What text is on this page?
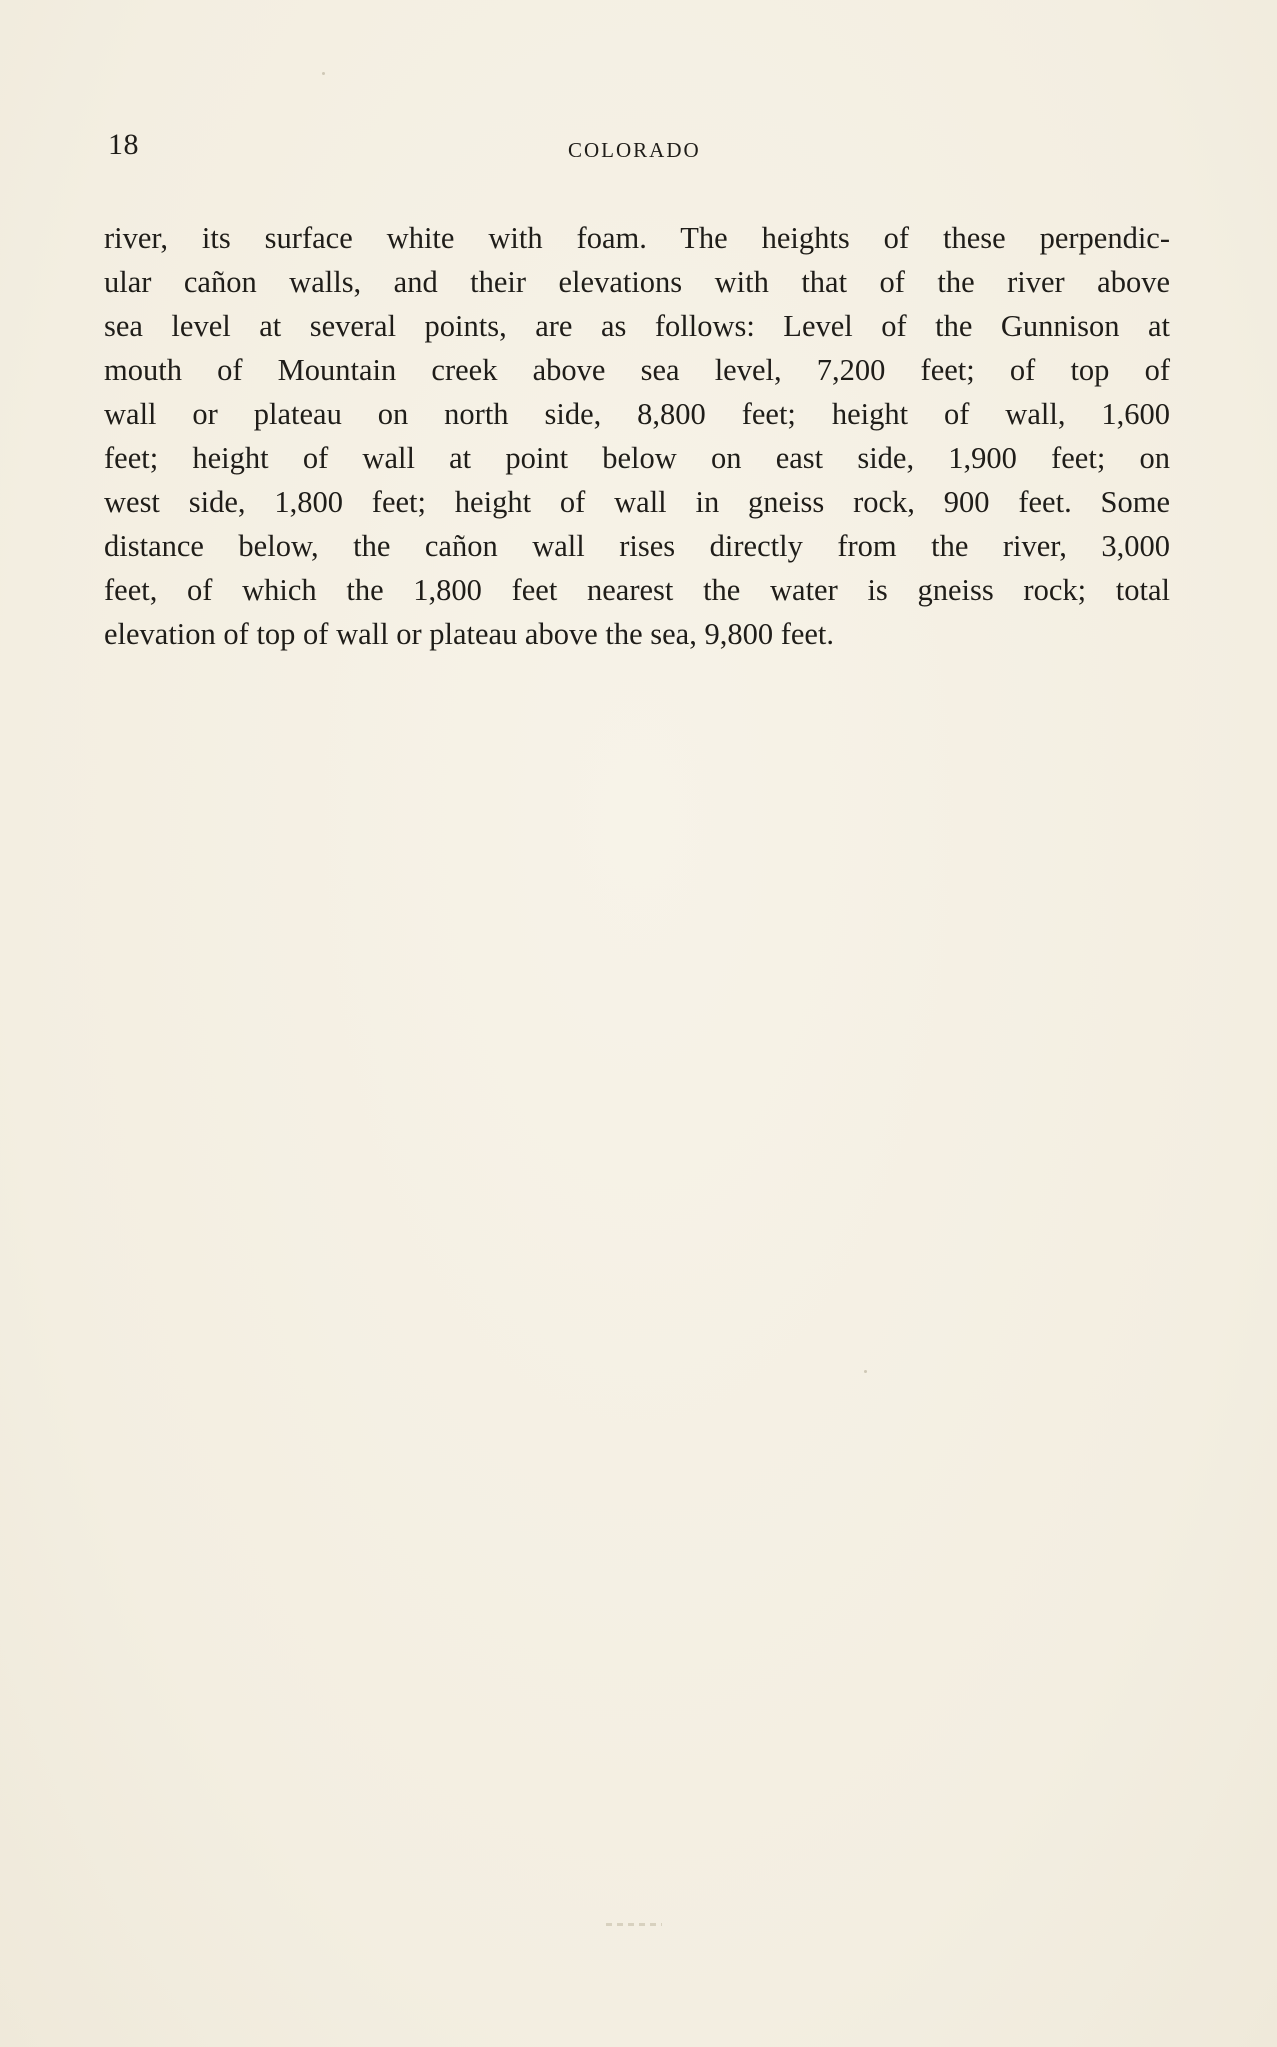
18	COLORADO
river, its surface white with foam. The heights of these perpendic-
ular cañon walls, and their elevations with that of the river above
sea level at several points, are as follows: Level of the Gunnison at
mouth of Mountain creek above sea level, 7,200 feet; of top of
wall or plateau on north side, 8,800 feet; height of wall, 1,600
feet; height of wall at point below on east side, 1,900 feet; on
west side, 1,800 feet; height of wall in gneiss rock, 900 feet. Some
distance below, the cañon wall rises directly from the river, 3,000
feet, of which the 1,800 feet nearest the water is gneiss rock; total
elevation of top of wall or plateau above the sea, 9,800 feet.
